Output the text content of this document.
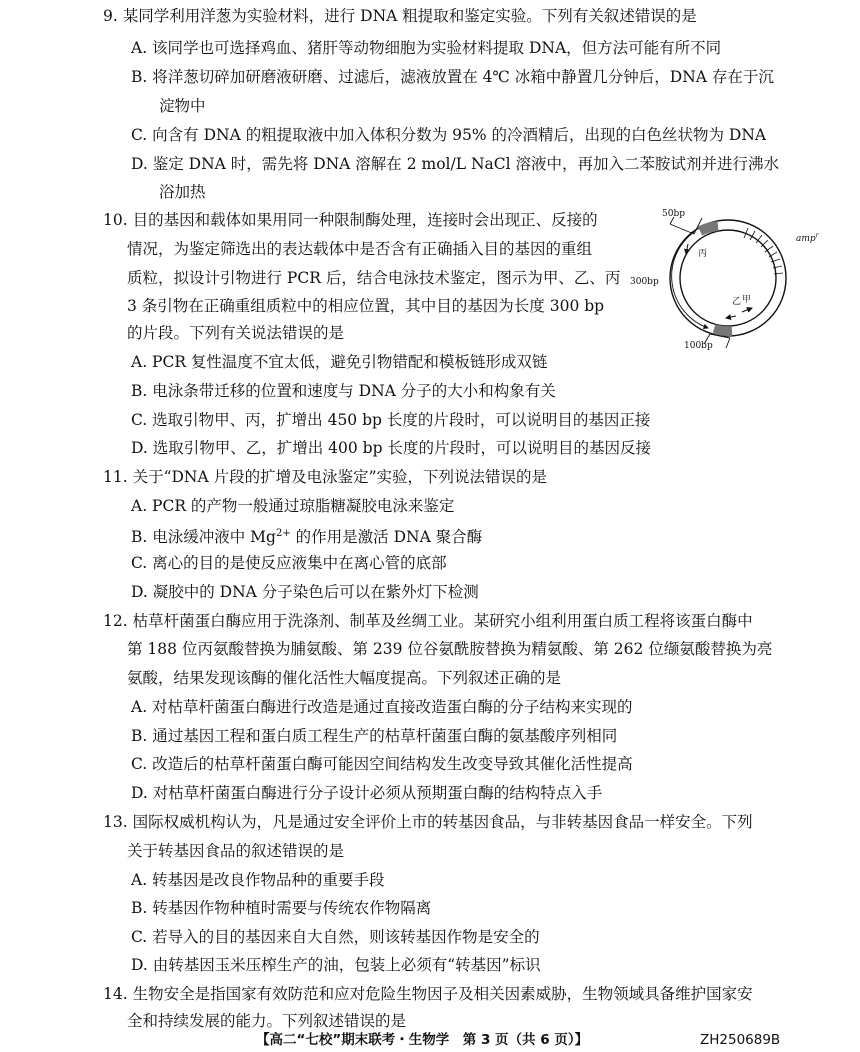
9. 某同学利用洋葱为实验材料，进行 DNA 粗提取和鉴定实验。下列有关叙述错误的是
A. 该同学也可选择鸡血、猪肝等动物细胞为实验材料提取 DNA，但方法可能有所不同
B. 将洋葱切碎加研磨液研磨、过滤后，滤液放置在 4℃ 冰箱中静置几分钟后，DNA 存在于沉
淀物中
C. 向含有 DNA 的粗提取液中加入体积分数为 95% 的冷酒精后，出现的白色丝状物为 DNA
D. 鉴定 DNA 时，需先将 DNA 溶解在 2 mol/L NaCl 溶液中，再加入二苯胺试剂并进行沸水
浴加热
10. 目的基因和载体如果用同一种限制酶处理，连接时会出现正、反接的
情况，为鉴定筛选出的表达载体中是否含有正确插入目的基因的重组
质粒，拟设计引物进行 PCR 后，结合电泳技术鉴定，图示为甲、乙、丙
3 条引物在正确重组质粒中的相应位置，其中目的基因为长度 300 bp
的片段。下列有关说法错误的是
A. PCR 复性温度不宜太低，避免引物错配和模板链形成双链
B. 电泳条带迁移的位置和速度与 DNA 分子的大小和构象有关
C. 选取引物甲、丙，扩增出 450 bp 长度的片段时，可以说明目的基因正接
D. 选取引物甲、乙，扩增出 400 bp 长度的片段时，可以说明目的基因反接
50bp
300bp
100bp
amp$^r$
丙
乙 甲
11. 关于“DNA 片段的扩增及电泳鉴定”实验，下列说法错误的是
A. PCR 的产物一般通过琼脂糖凝胶电泳来鉴定
B. 电泳缓冲液中 $Mg^{2+}$ 的作用是激活 DNA 聚合酶
C. 离心的目的是使反应液集中在离心管的底部
D. 凝胶中的 DNA 分子染色后可以在紫外灯下检测
12. 枯草杆菌蛋白酶应用于洗涤剂、制革及丝绸工业。某研究小组利用蛋白质工程将该蛋白酶中
第 188 位丙氨酸替换为脯氨酸、第 239 位谷氨酰胺替换为精氨酸、第 262 位缬氨酸替换为亮
氨酸，结果发现该酶的催化活性大幅度提高。下列叙述正确的是
A. 对枯草杆菌蛋白酶进行改造是通过直接改造蛋白酶的分子结构来实现的
B. 通过基因工程和蛋白质工程生产的枯草杆菌蛋白酶的氨基酸序列相同
C. 改造后的枯草杆菌蛋白酶可能因空间结构发生改变导致其催化活性提高
D. 对枯草杆菌蛋白酶进行分子设计必须从预期蛋白酶的结构特点入手
13. 国际权威机构认为，凡是通过安全评价上市的转基因食品，与非转基因食品一样安全。下列
关于转基因食品的叙述错误的是
A. 转基因是改良作物品种的重要手段
B. 转基因作物种植时需要与传统农作物隔离
C. 若导入的目的基因来自大自然，则该转基因作物是安全的
D. 由转基因玉米压榨生产的油，包装上必须有“转基因”标识
14. 生物安全是指国家有效防范和应对危险生物因子及相关因素威胁，生物领域具备维护国家安
全和持续发展的能力。下列叙述错误的是
【高二“七校”期末联考・生物学　第 3 页（共 6 页）】	ZH250689B
